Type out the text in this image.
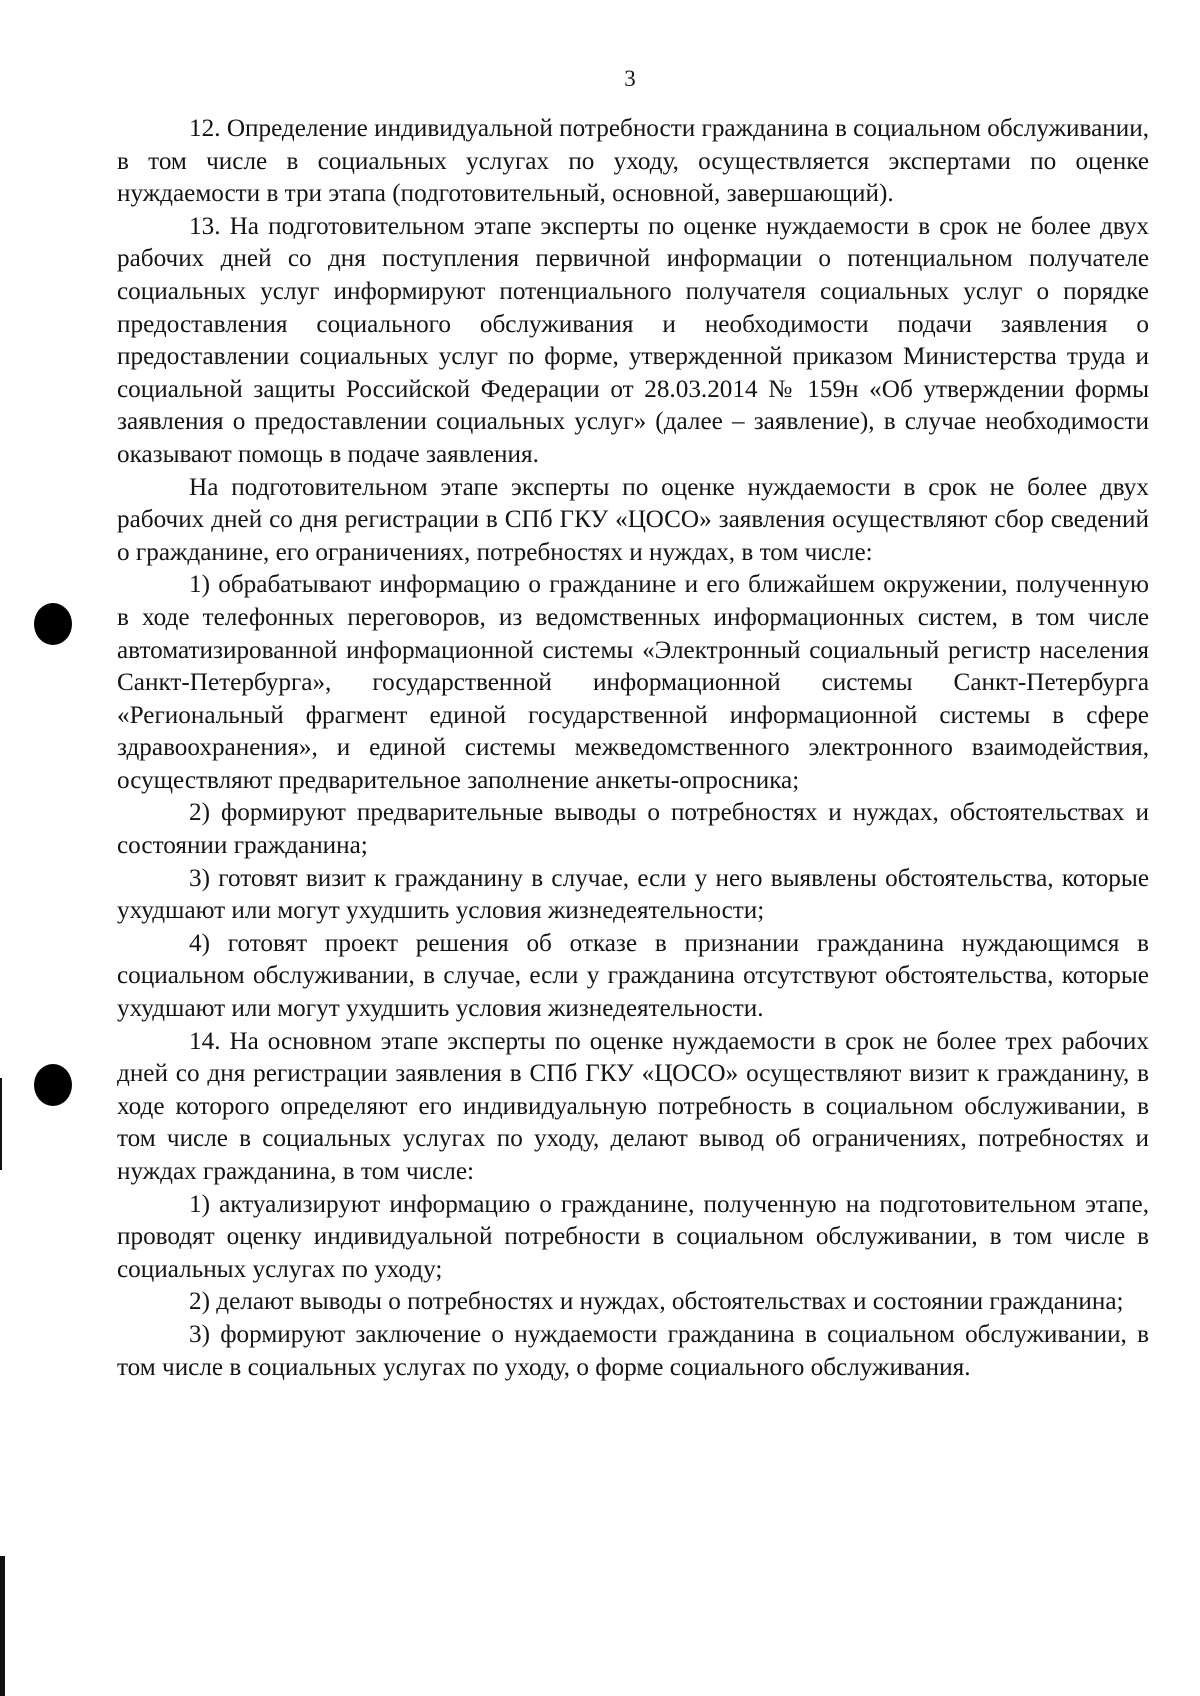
3

12. Определение индивидуальной потребности гражданина в социальном обслуживании, в том числе в социальных услугах по уходу, осуществляется экспертами по оценке нуждаемости в три этапа (подготовительный, основной, завершающий).

13. На подготовительном этапе эксперты по оценке нуждаемости в срок не более двух рабочих дней со дня поступления первичной информации о потенциальном получателе социальных услуг информируют потенциального получателя социальных услуг о порядке предоставления социального обслуживания и необходимости подачи заявления о предоставлении социальных услуг по форме, утвержденной приказом Министерства труда и социальной защиты Российской Федерации от 28.03.2014 № 159н «Об утверждении формы заявления о предоставлении социальных услуг» (далее – заявление), в случае необходимости оказывают помощь в подаче заявления.

На подготовительном этапе эксперты по оценке нуждаемости в срок не более двух рабочих дней со дня регистрации в СПб ГКУ «ЦОСО» заявления осуществляют сбор сведений о гражданине, его ограничениях, потребностях и нуждах, в том числе:

1) обрабатывают информацию о гражданине и его ближайшем окружении, полученную в ходе телефонных переговоров, из ведомственных информационных систем, в том числе автоматизированной информационной системы «Электронный социальный регистр населения Санкт-Петербурга», государственной информационной системы Санкт-Петербурга «Региональный фрагмент единой государственной информационной системы в сфере здравоохранения», и единой системы межведомственного электронного взаимодействия, осуществляют предварительное заполнение анкеты-опросника;

2) формируют предварительные выводы о потребностях и нуждах, обстоятельствах и состоянии гражданина;

3) готовят визит к гражданину в случае, если у него выявлены обстоятельства, которые ухудшают или могут ухудшить условия жизнедеятельности;

4) готовят проект решения об отказе в признании гражданина нуждающимся в социальном обслуживании, в случае, если у гражданина отсутствуют обстоятельства, которые ухудшают или могут ухудшить условия жизнедеятельности.

14. На основном этапе эксперты по оценке нуждаемости в срок не более трех рабочих дней со дня регистрации заявления в СПб ГКУ «ЦОСО» осуществляют визит к гражданину, в ходе которого определяют его индивидуальную потребность в социальном обслуживании, в том числе в социальных услугах по уходу, делают вывод об ограничениях, потребностях и нуждах гражданина, в том числе:

1) актуализируют информацию о гражданине, полученную на подготовительном этапе, проводят оценку индивидуальной потребности в социальном обслуживании, в том числе в социальных услугах по уходу;

2) делают выводы о потребностях и нуждах, обстоятельствах и состоянии гражданина;

3) формируют заключение о нуждаемости гражданина в социальном обслуживании, в том числе в социальных услугах по уходу, о форме социального обслуживания.
